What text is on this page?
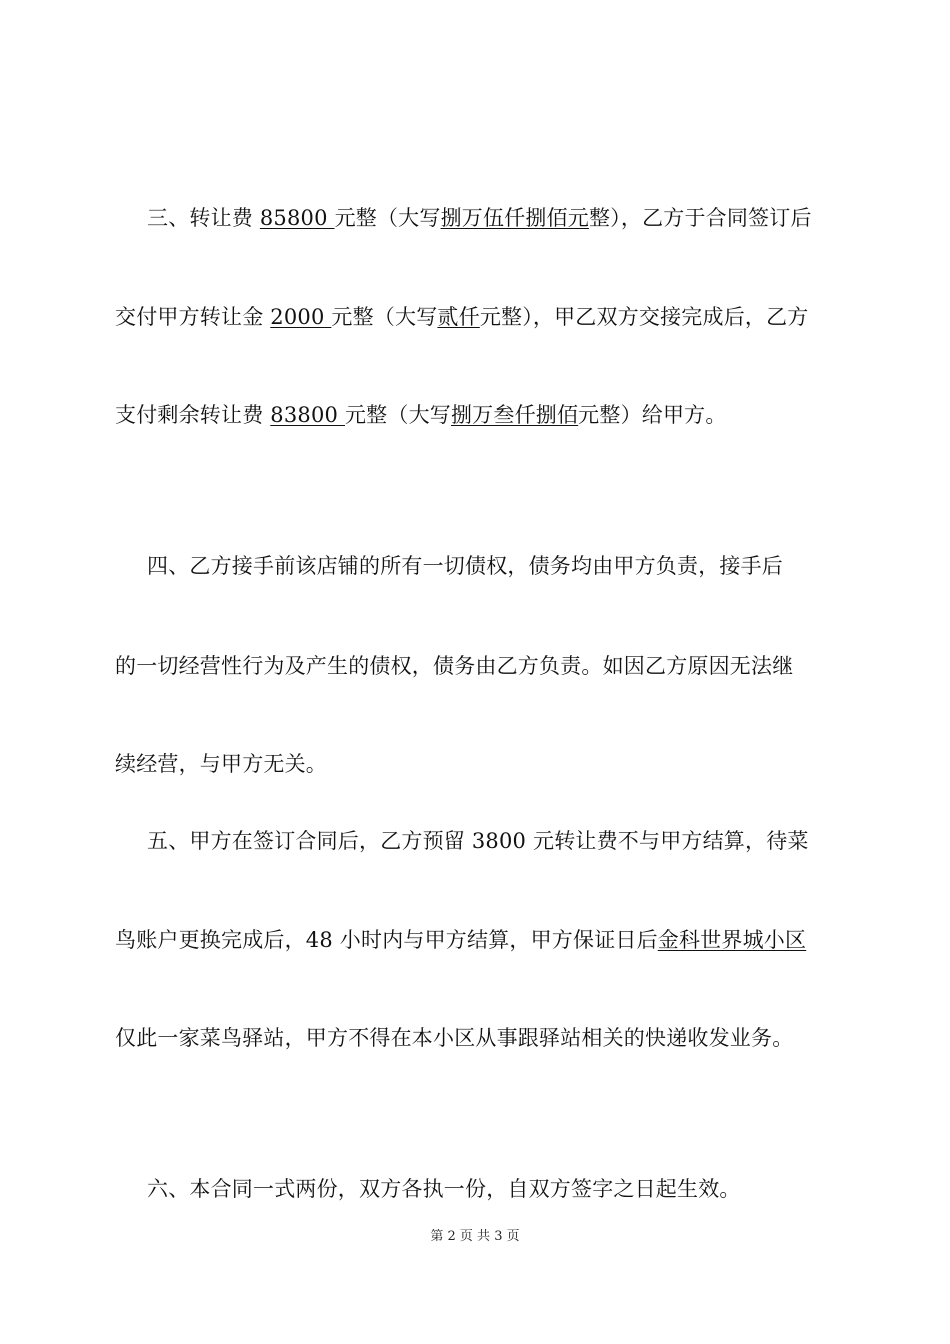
三、转让费 85800 元整（大写捌万伍仟捌佰元整），乙方于合同签订后
交付甲方转让金 2000 元整（大写贰仟元整），甲乙双方交接完成后，乙方
支付剩余转让费 83800 元整（大写捌万叁仟捌佰元整）给甲方。
四、乙方接手前该店铺的所有一切债权，债务均由甲方负责，接手后
的一切经营性行为及产生的债权，债务由乙方负责。如因乙方原因无法继
续经营，与甲方无关。
五、甲方在签订合同后，乙方预留 3800 元转让费不与甲方结算，待菜
鸟账户更换完成后，48 小时内与甲方结算，甲方保证日后金科世界城小区
仅此一家菜鸟驿站，甲方不得在本小区从事跟驿站相关的快递收发业务。
六、本合同一式两份，双方各执一份，自双方签字之日起生效。
第 2 页 共 3 页
